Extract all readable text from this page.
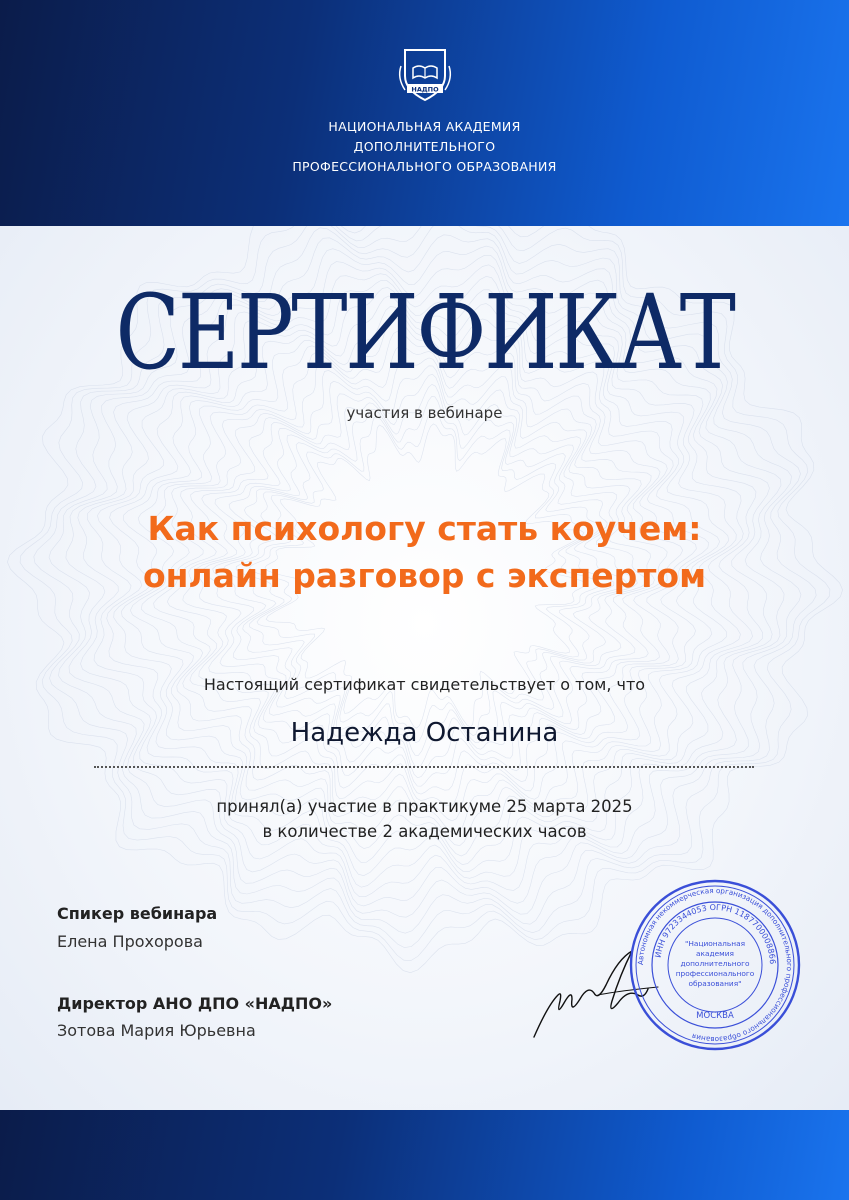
НАДПО
НАЦИОНАЛЬНАЯ АКАДЕМИЯ
ДОПОЛНИТЕЛЬНОГО
ПРОФЕССИОНАЛЬНОГО ОБРАЗОВАНИЯ
СЕРТИФИКАТ
участия в вебинаре
Как психологу стать коучем:
онлайн разговор с экспертом
Настоящий сертификат свидетельствует о том, что
Надежда Останина
принял(а) участие в практикуме 25 марта 2025
в количестве 2 академических часов
Спикер вебинара
Елена Прохорова
Директор АНО ДПО «НАДПО»
Зотова Мария Юрьевна
Автономная некоммерческая организация дополнительного профессионального образования
ИНН 9723344053 ОГРН 1187700008866
"Национальная
академия
дополнительного
профессионального
образования"
МОСКВА
